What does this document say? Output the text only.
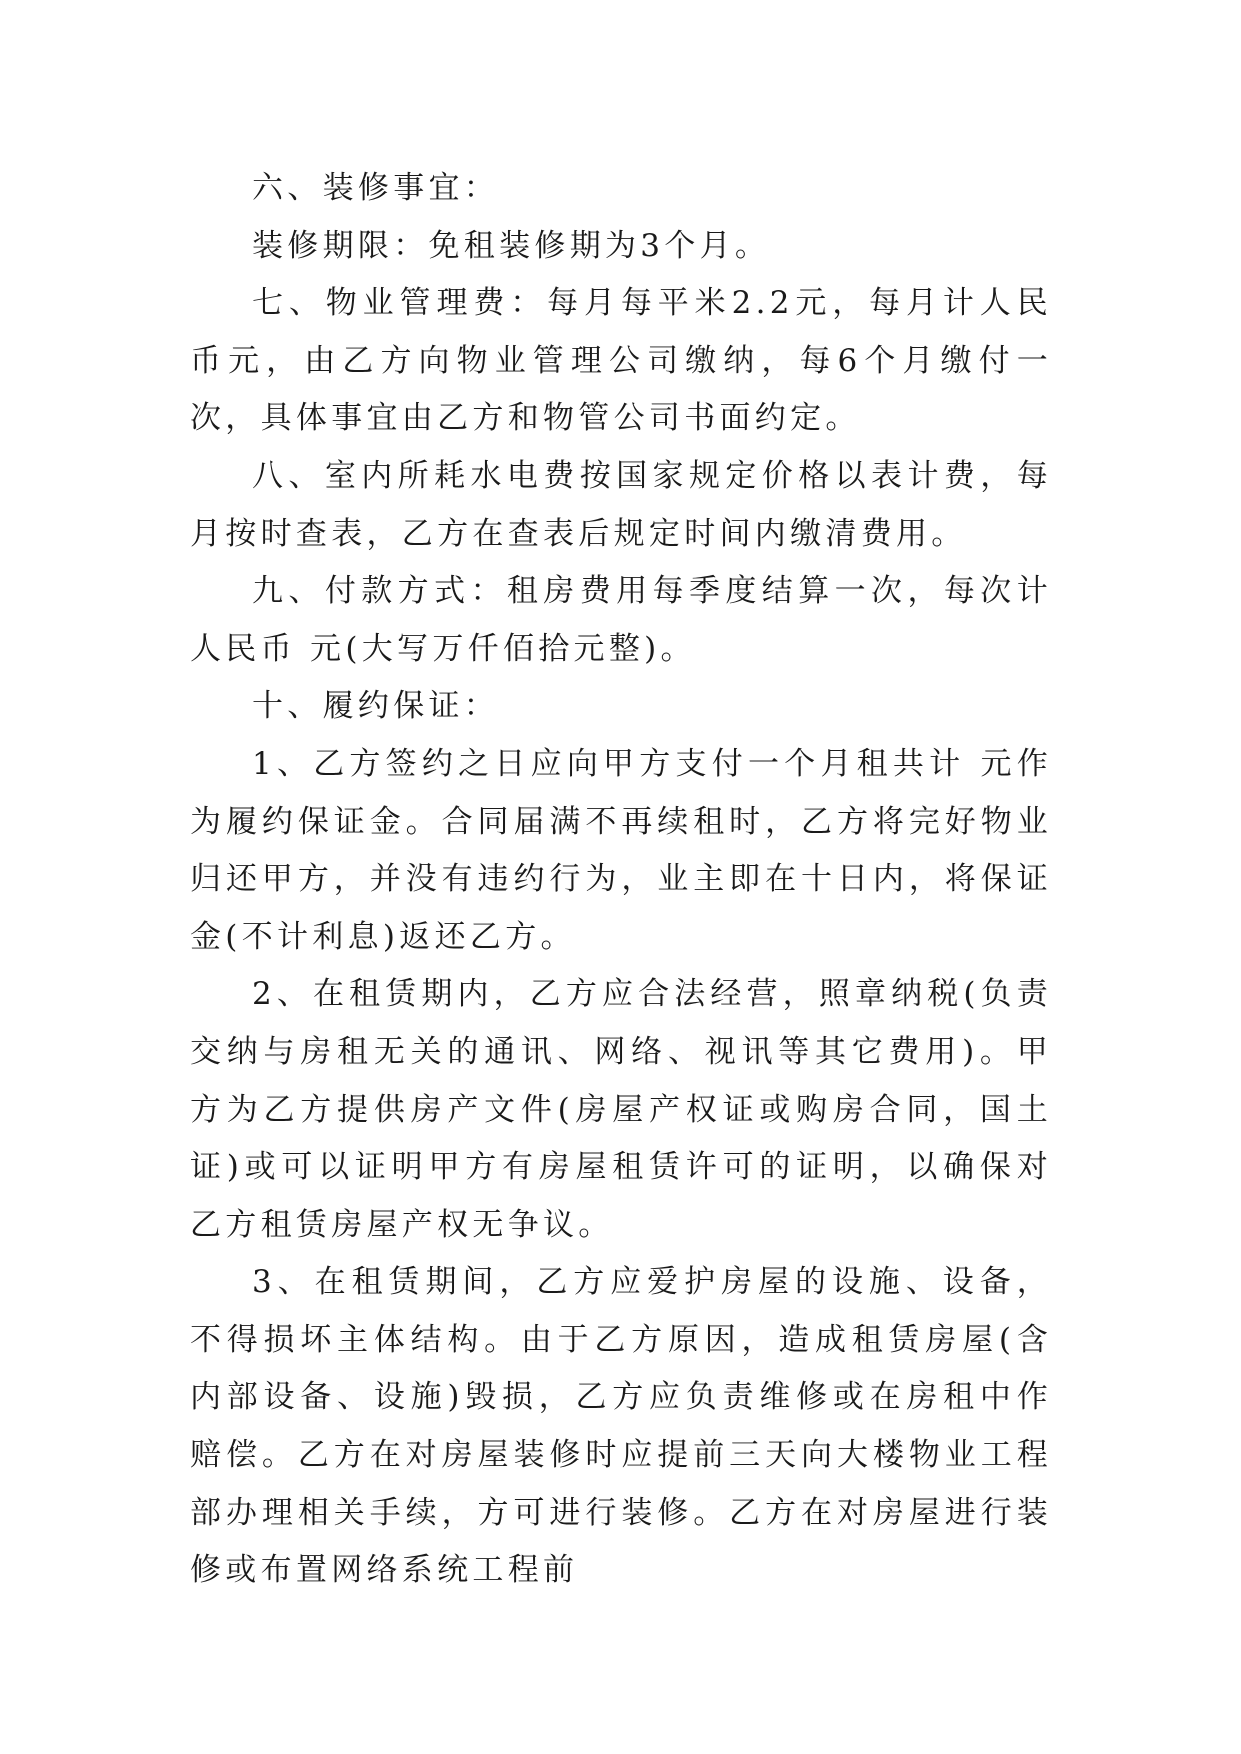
六、装修事宜：

装修期限：免租装修期为3个月。

七、物业管理费：每月每平米2.2元，每月计人民币元，由乙方向物业管理公司缴纳，每6个月缴付一次，具体事宜由乙方和物管公司书面约定。

八、室内所耗水电费按国家规定价格以表计费，每月按时查表，乙方在查表后规定时间内缴清费用。

九、付款方式：租房费用每季度结算一次，每次计人民币 元(大写万仟佰拾元整)。

十、履约保证：

1、乙方签约之日应向甲方支付一个月租共计 元作为履约保证金。合同届满不再续租时，乙方将完好物业归还甲方，并没有违约行为，业主即在十日内，将保证金(不计利息)返还乙方。

2、在租赁期内，乙方应合法经营，照章纳税(负责交纳与房租无关的通讯、网络、视讯等其它费用)。甲方为乙方提供房产文件(房屋产权证或购房合同，国土证)或可以证明甲方有房屋租赁许可的证明，以确保对乙方租赁房屋产权无争议。

3、在租赁期间，乙方应爱护房屋的设施、设备，不得损坏主体结构。由于乙方原因，造成租赁房屋(含内部设备、设施)毁损，乙方应负责维修或在房租中作赔偿。乙方在对房屋装修时应提前三天向大楼物业工程部办理相关手续，方可进行装修。乙方在对房屋进行装修或布置网络系统工程前
